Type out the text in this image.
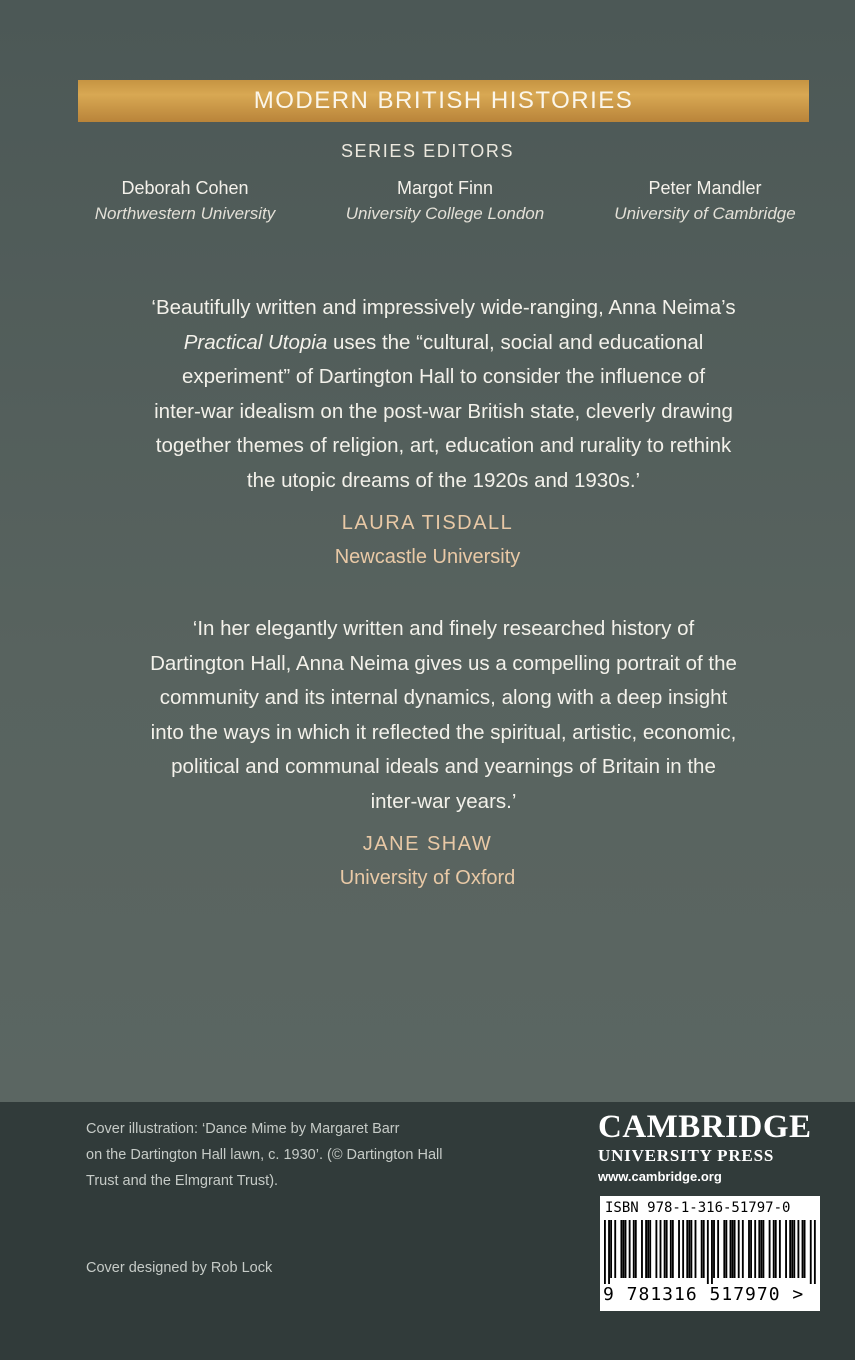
MODERN BRITISH HISTORIES
SERIES EDITORS
Deborah Cohen
Northwestern University
Margot Finn
University College London
Peter Mandler
University of Cambridge
‘Beautifully written and impressively wide-ranging, Anna Neima’s
Practical Utopia uses the “cultural, social and educational
experiment” of Dartington Hall to consider the influence of
inter-war idealism on the post-war British state, cleverly drawing
together themes of religion, art, education and rurality to rethink
the utopic dreams of the 1920s and 1930s.’
LAURA TISDALL
Newcastle University
‘In her elegantly written and finely researched history of
Dartington Hall, Anna Neima gives us a compelling portrait of the
community and its internal dynamics, along with a deep insight
into the ways in which it reflected the spiritual, artistic, economic,
political and communal ideals and yearnings of Britain in the
inter-war years.’
JANE SHAW
University of Oxford
Cover illustration: ‘Dance Mime by Margaret Barr
on the Dartington Hall lawn, c. 1930’. (© Dartington Hall
Trust and the Elmgrant Trust).
Cover designed by Rob Lock
CAMBRIDGE
UNIVERSITY PRESS
www.cambridge.org
ISBN 978-1-316-51797-0
9 781316 517970 >
